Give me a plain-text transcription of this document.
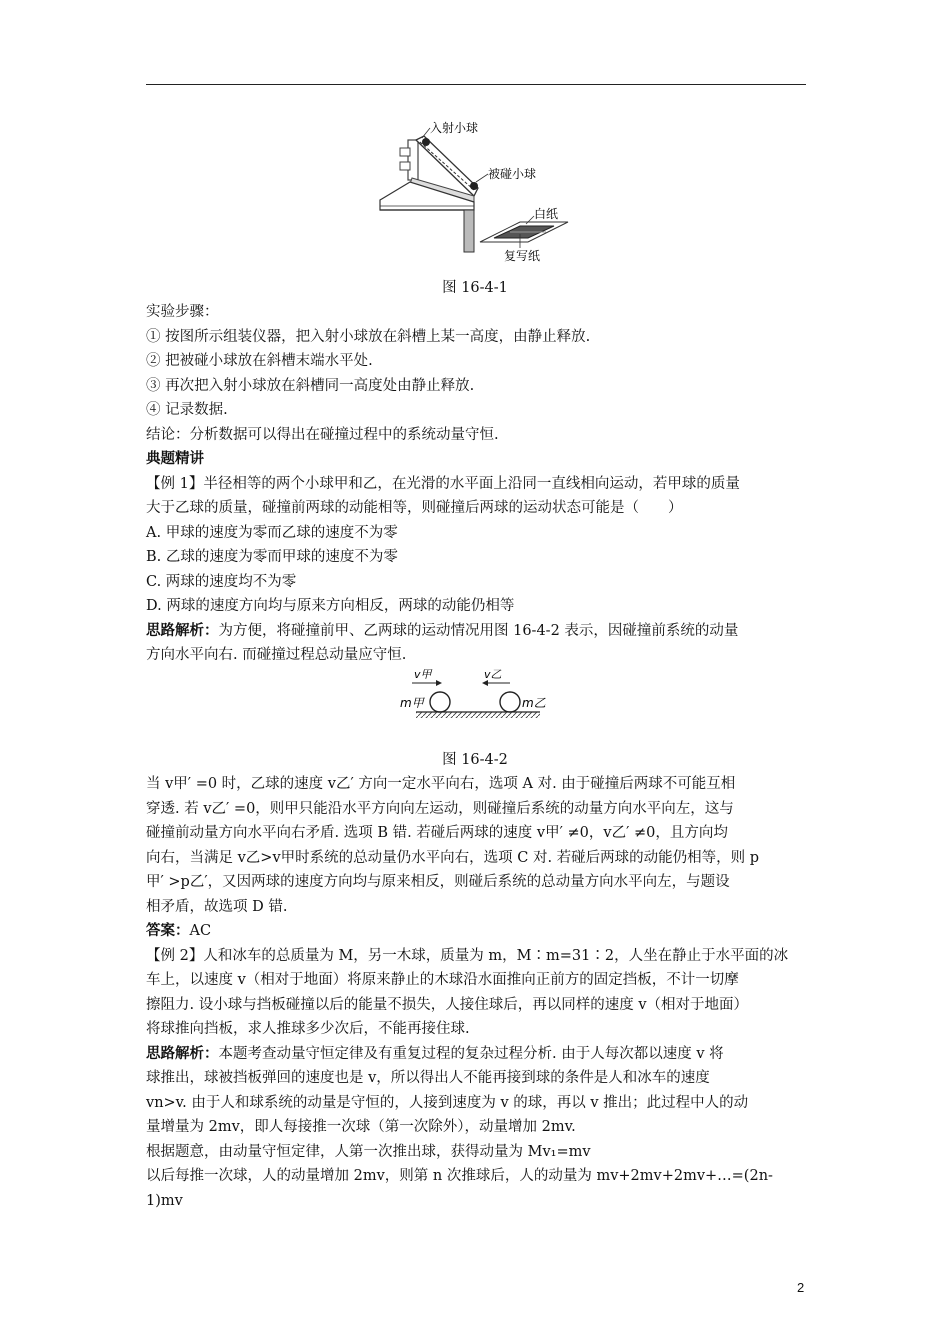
入射小球
被碰小球
白纸
复写纸
图 16-4-1
实验步骤：
① 按图所示组装仪器，把入射小球放在斜槽上某一高度，由静止释放.
② 把被碰小球放在斜槽末端水平处.
③ 再次把入射小球放在斜槽同一高度处由静止释放.
④ 记录数据.
结论：分析数据可以得出在碰撞过程中的系统动量守恒.
典题精讲
【例 1】半径相等的两个小球甲和乙，在光滑的水平面上沿同一直线相向运动，若甲球的质量
大于乙球的质量，碰撞前两球的动能相等，则碰撞后两球的运动状态可能是（　　）
A. 甲球的速度为零而乙球的速度不为零
B. 乙球的速度为零而甲球的速度不为零
C. 两球的速度均不为零
D. 两球的速度方向均与原来方向相反，两球的动能仍相等
思路解析：为方便，将碰撞前甲、乙两球的运动情况用图 16-4-2 表示，因碰撞前系统的动量
方向水平向右. 而碰撞过程总动量应守恒.
v甲	v乙
m甲	m乙
图 16-4-2
当 v甲′ =0 时，乙球的速度 v乙′ 方向一定水平向右，选项 A 对. 由于碰撞后两球不可能互相
穿透. 若 v乙′ =0，则甲只能沿水平方向向左运动，则碰撞后系统的动量方向水平向左，这与
碰撞前动量方向水平向右矛盾. 选项 B 错. 若碰后两球的速度 v甲′ ≠0，v乙′ ≠0，且方向均
向右，当满足 v乙>v甲时系统的总动量仍水平向右，选项 C 对. 若碰后两球的动能仍相等，则 p
甲′ >p乙′，又因两球的速度方向均与原来相反，则碰后系统的总动量方向水平向左，与题设
相矛盾，故选项 D 错.
答案：AC
【例 2】人和冰车的总质量为 M，另一木球，质量为 m，M∶m=31∶2，人坐在静止于水平面的冰
车上，以速度 v（相对于地面）将原来静止的木球沿水面推向正前方的固定挡板，不计一切摩
擦阻力. 设小球与挡板碰撞以后的能量不损失，人接住球后，再以同样的速度 v（相对于地面）
将球推向挡板，求人推球多少次后，不能再接住球.
思路解析：本题考查动量守恒定律及有重复过程的复杂过程分析. 由于人每次都以速度 v 将
球推出，球被挡板弹回的速度也是 v，所以得出人不能再接到球的条件是人和冰车的速度
vn>v. 由于人和球系统的动量是守恒的，人接到速度为 v 的球，再以 v 推出；此过程中人的动
量增量为 2mv，即人每接推一次球（第一次除外），动量增加 2mv.
根据题意，由动量守恒定律，人第一次推出球，获得动量为 Mv₁=mv
以后每推一次球，人的动量增加 2mv，则第 n 次推球后，人的动量为 mv+2mv+2mv+…=(2n-
1)mv
2
